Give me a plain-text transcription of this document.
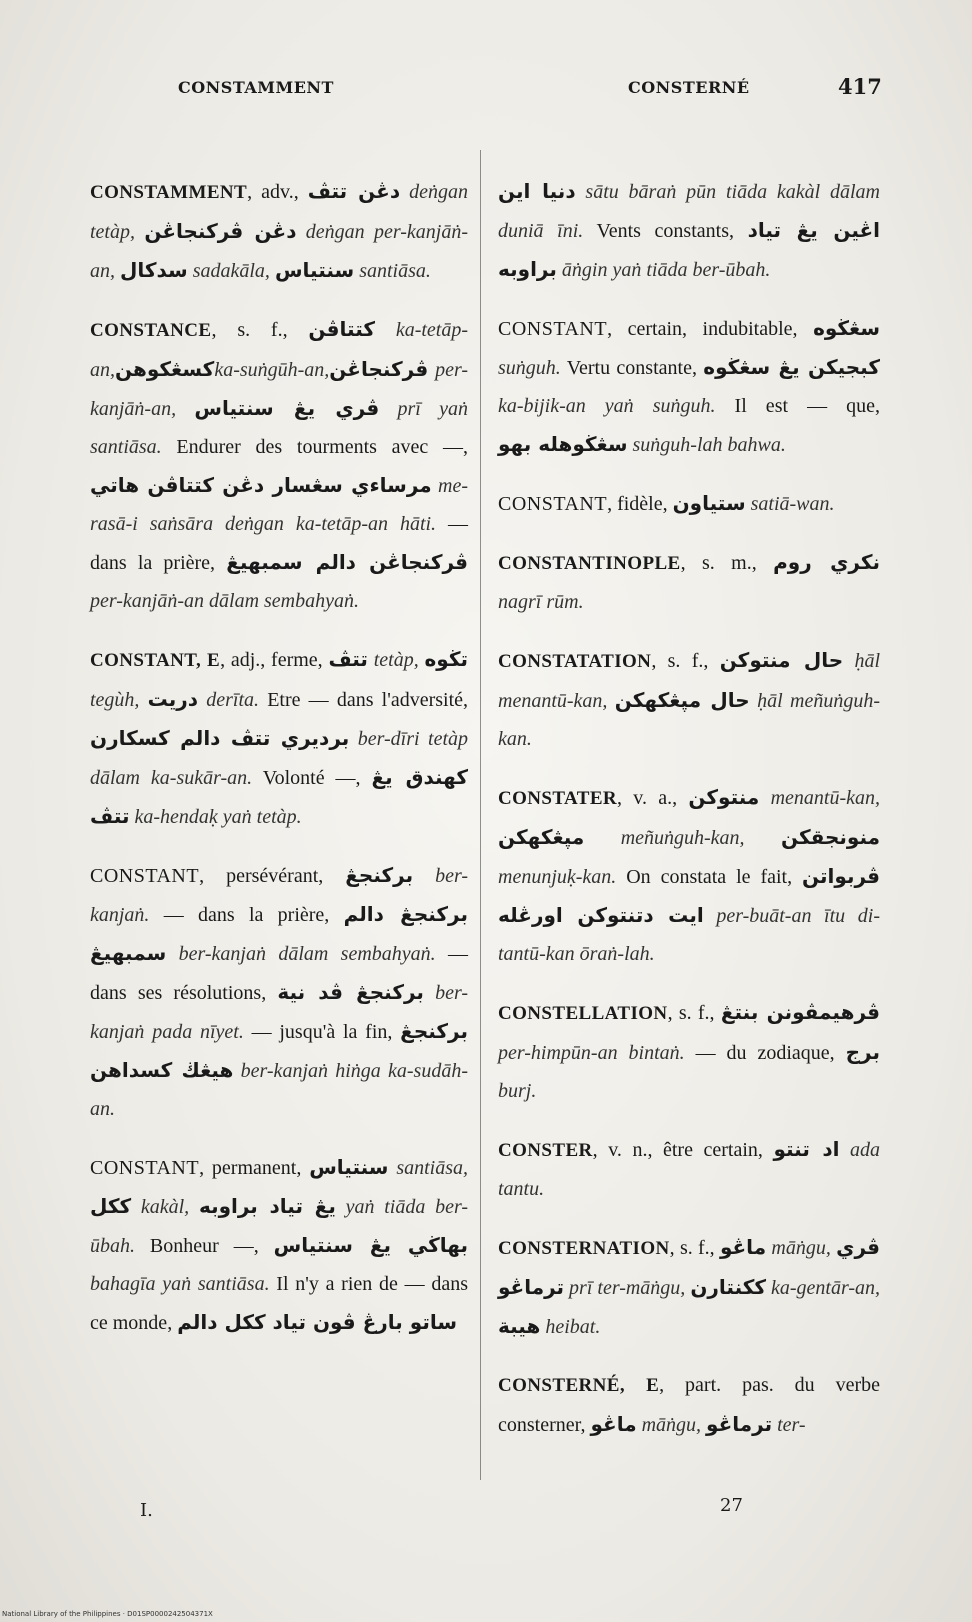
CONSTAMMENT	CONSTERNÉ	417

CONSTAMMENT, adv., دڠن تتڤ deṅgan tetàp, دڠن ڤرکنجاڠن deṅgan per-kanjāṅ-an, سدکال sadakāla, سنتياس santiāsa.

CONSTANCE, s. f., کتتاڤن ka-tetāp-an,کسڠکوهنka-suṅgūh-an,ڤرکنجاڠن per-kanjāṅ-an, ڤري يڠ سنتياس prī yaṅ santiāsa. Endurer des tourments avec —, مرساءي سڠسار دڠن کتتاڤن هاتي me-rasā-i saṅsāra deṅgan ka-tetāp-an hāti. — dans la prière, ڤرکنجاڠن دالم سمبهيڠ per-kanjāṅ-an dālam sembahyaṅ.

CONSTANT, E, adj., ferme, تتڤ tetàp, تڬوه tegùh, دريت derīta. Etre — dans l'adversité, برديري تتڤ دالم کسکارن ber-dīri tetàp dālam ka-sukār-an. Volonté —, کهندق يڠ تتڤ ka-hendaḳ yaṅ tetàp.

CONSTANT, persévérant, برکنجڠ ber-kanjaṅ. — dans la prière, برکنجڠ دالم سمبهيڠ ber-kanjaṅ dālam sembahyaṅ. — dans ses résolutions, برکنجڠ ڤد نية ber-kanjaṅ pada nīyet. — jusqu'à la fin, برکنجڠ هيڠڬ کسداهن ber-kanjaṅ hiṅga ka-sudāh-an.

CONSTANT, permanent, سنتياس santiāsa, ککل kakàl, يڠ تياد براوبه yaṅ tiāda ber-ūbah. Bonheur —, بهاڬي يڠ سنتياس bahagīa yaṅ santiāsa. Il n'y a rien de — dans ce monde, ساتو بارڠ ڤون تياد ککل دالم

دنيا اين sātu bāraṅ pūn tiāda kakàl dālam duniā īni. Vents constants, اڠين يڠ تياد براوبه āṅgin yaṅ tiāda ber-ūbah.

CONSTANT, certain, indubitable, سڠڬوه suṅguh. Vertu constante, کبجيکن يڠ سڠڬوه ka-bijik-an yaṅ suṅguh. Il est — que, سڠڬوهله بهو suṅguh-lah bahwa.

CONSTANT, fidèle, ستياون satiā-wan.

CONSTANTINOPLE, s. m., نکري روم nagrī rūm.

CONSTATATION, s. f., حال منتوکن ḥāl menantū-kan, حال مڽڠکهکن ḥāl meñuṅguh-kan.

CONSTATER, v. a., منتوکن menantū-kan, مڽڠکهکن meñuṅguh-kan, منونجقکن menunjuḳ-kan. On constata le fait, ڤربواتن ايت دتنتوکن اورڠله per-buāt-an ītu di-tantū-kan ōraṅ-lah.

CONSTELLATION, s. f., ڤرهيمڤونن بنتڠ per-himpūn-an bintaṅ. — du zodiaque, برج burj.

CONSTER, v. n., être certain, اد تنتو ada tantu.

CONSTERNATION, s. f., ماڠو māṅgu, ڤري ترماڠو prī ter-māṅgu, ککنتارن ka-gentār-an, هيبة heibat.

CONSTERNÉ, E, part. pas. du verbe consterner, ماڠو māṅgu, ترماڠو ter-

I.	27
National Library of the Philippines · D01SP0000242504371X
